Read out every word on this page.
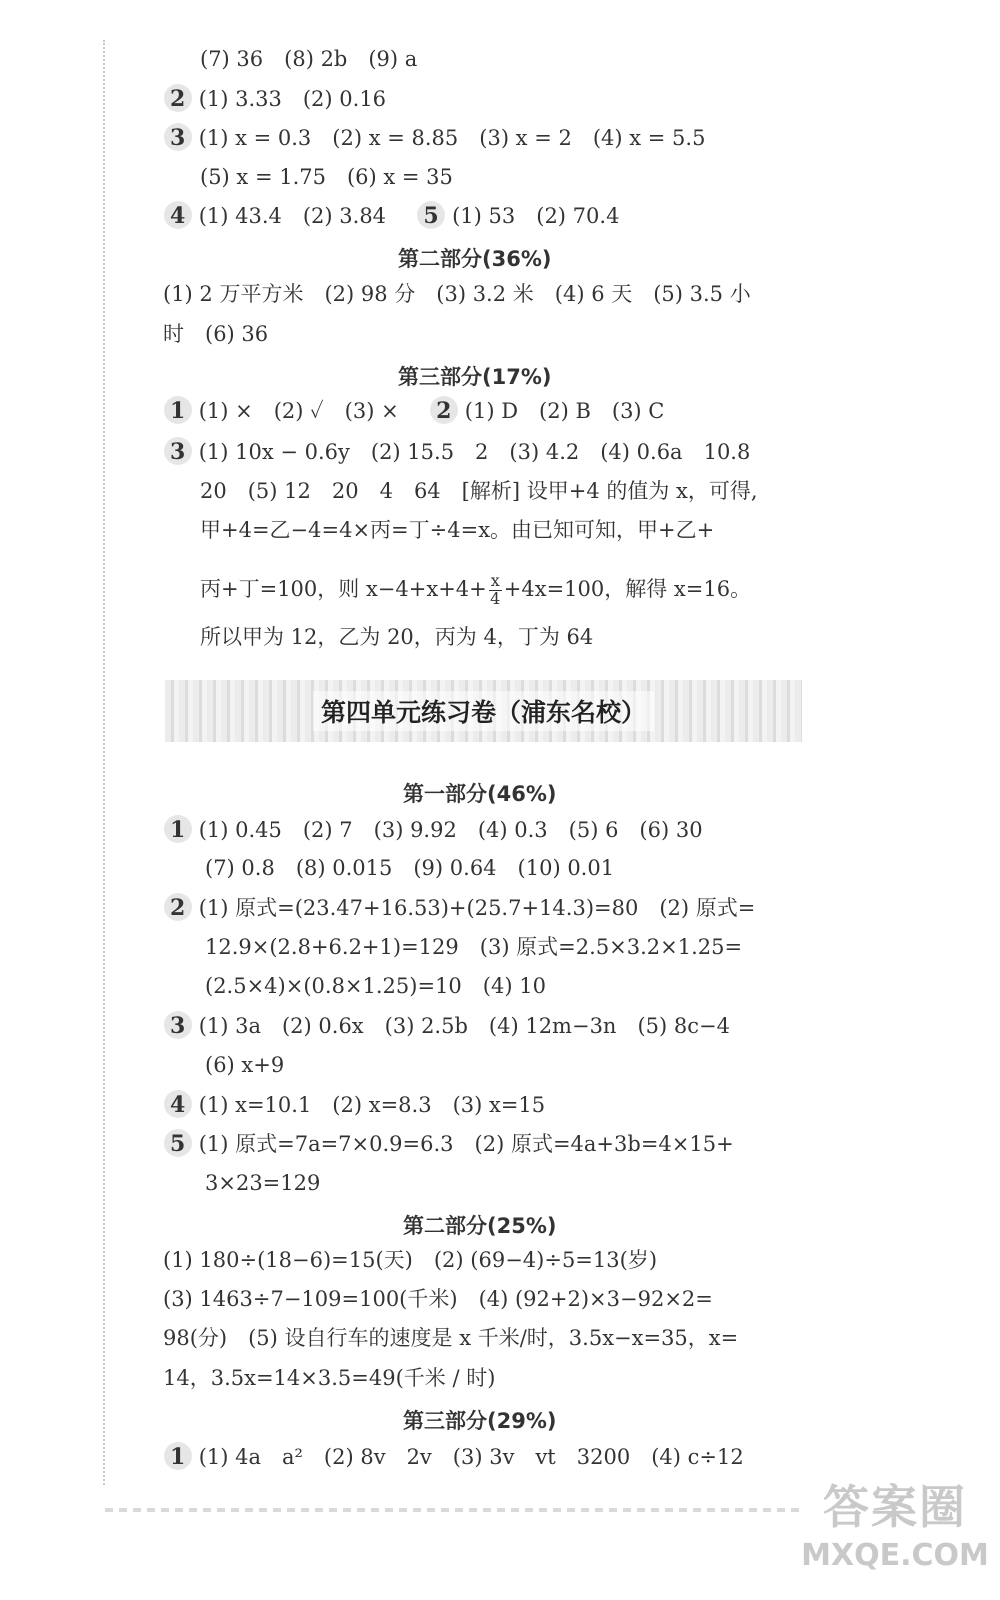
(7) 36　(8) 2b　(9) a
2 (1) 3.33　(2) 0.16
3 (1) x = 0.3　(2) x = 8.85　(3) x = 2　(4) x = 5.5
(5) x = 1.75　(6) x = 35
4 (1) 43.4　(2) 3.84 5 (1) 53　(2) 70.4
第二部分(36%)
(1) 2 万平方米　(2) 98 分　(3) 3.2 米　(4) 6 天　(5) 3.5 小
时　(6) 36
第三部分(17%)
1 (1) ×　(2) ✓　(3) × 2 (1) D　(2) B　(3) C
3 (1) 10x − 0.6y　(2) 15.5　2　(3) 4.2　(4) 0.6a　10.8
20　(5) 12　20　4　64　[解析] 设甲+4 的值为 x，可得,
甲+4=乙−4=4×丙=丁÷4=x。由已知可知，甲+乙+
丙+丁=100，则 $x-4+x+4+ \frac{x}{4} +4x=100$，解得 x=16。
所以甲为 12，乙为 20，丙为 4，丁为 64
第四单元练习卷（浦东名校）
第一部分(46%)
1 (1) 0.45　(2) 7　(3) 9.92　(4) 0.3　(5) 6　(6) 30
(7) 0.8　(8) 0.015　(9) 0.64　(10) 0.01
2 (1) 原式=(23.47+16.53)+(25.7+14.3)=80　(2) 原式=
12.9×(2.8+6.2+1)=129　(3) 原式=2.5×3.2×1.25=
(2.5×4)×(0.8×1.25)=10　(4) 10
3 (1) 3a　(2) 0.6x　(3) 2.5b　(4) 12m−3n　(5) 8c−4
(6) x+9
4 (1) x=10.1　(2) x=8.3　(3) x=15
5 (1) 原式=7a=7×0.9=6.3　(2) 原式=4a+3b=4×15+
3×23=129
第二部分(25%)
(1) 180÷(18−6)=15(天)　(2) (69−4)÷5=13(岁)
(3) 1463÷7−109=100(千米)　(4) (92+2)×3−92×2=
98(分)　(5) 设自行车的速度是 x 千米/时，3.5x−x=35，x=
14，3.5x=14×3.5=49(千米 / 时)
第三部分(29%)
1 (1) 4a　a²　(2) 8v　2v　(3) 3v　vt　3200　(4) c÷12
答案圈
MXQE.COM
